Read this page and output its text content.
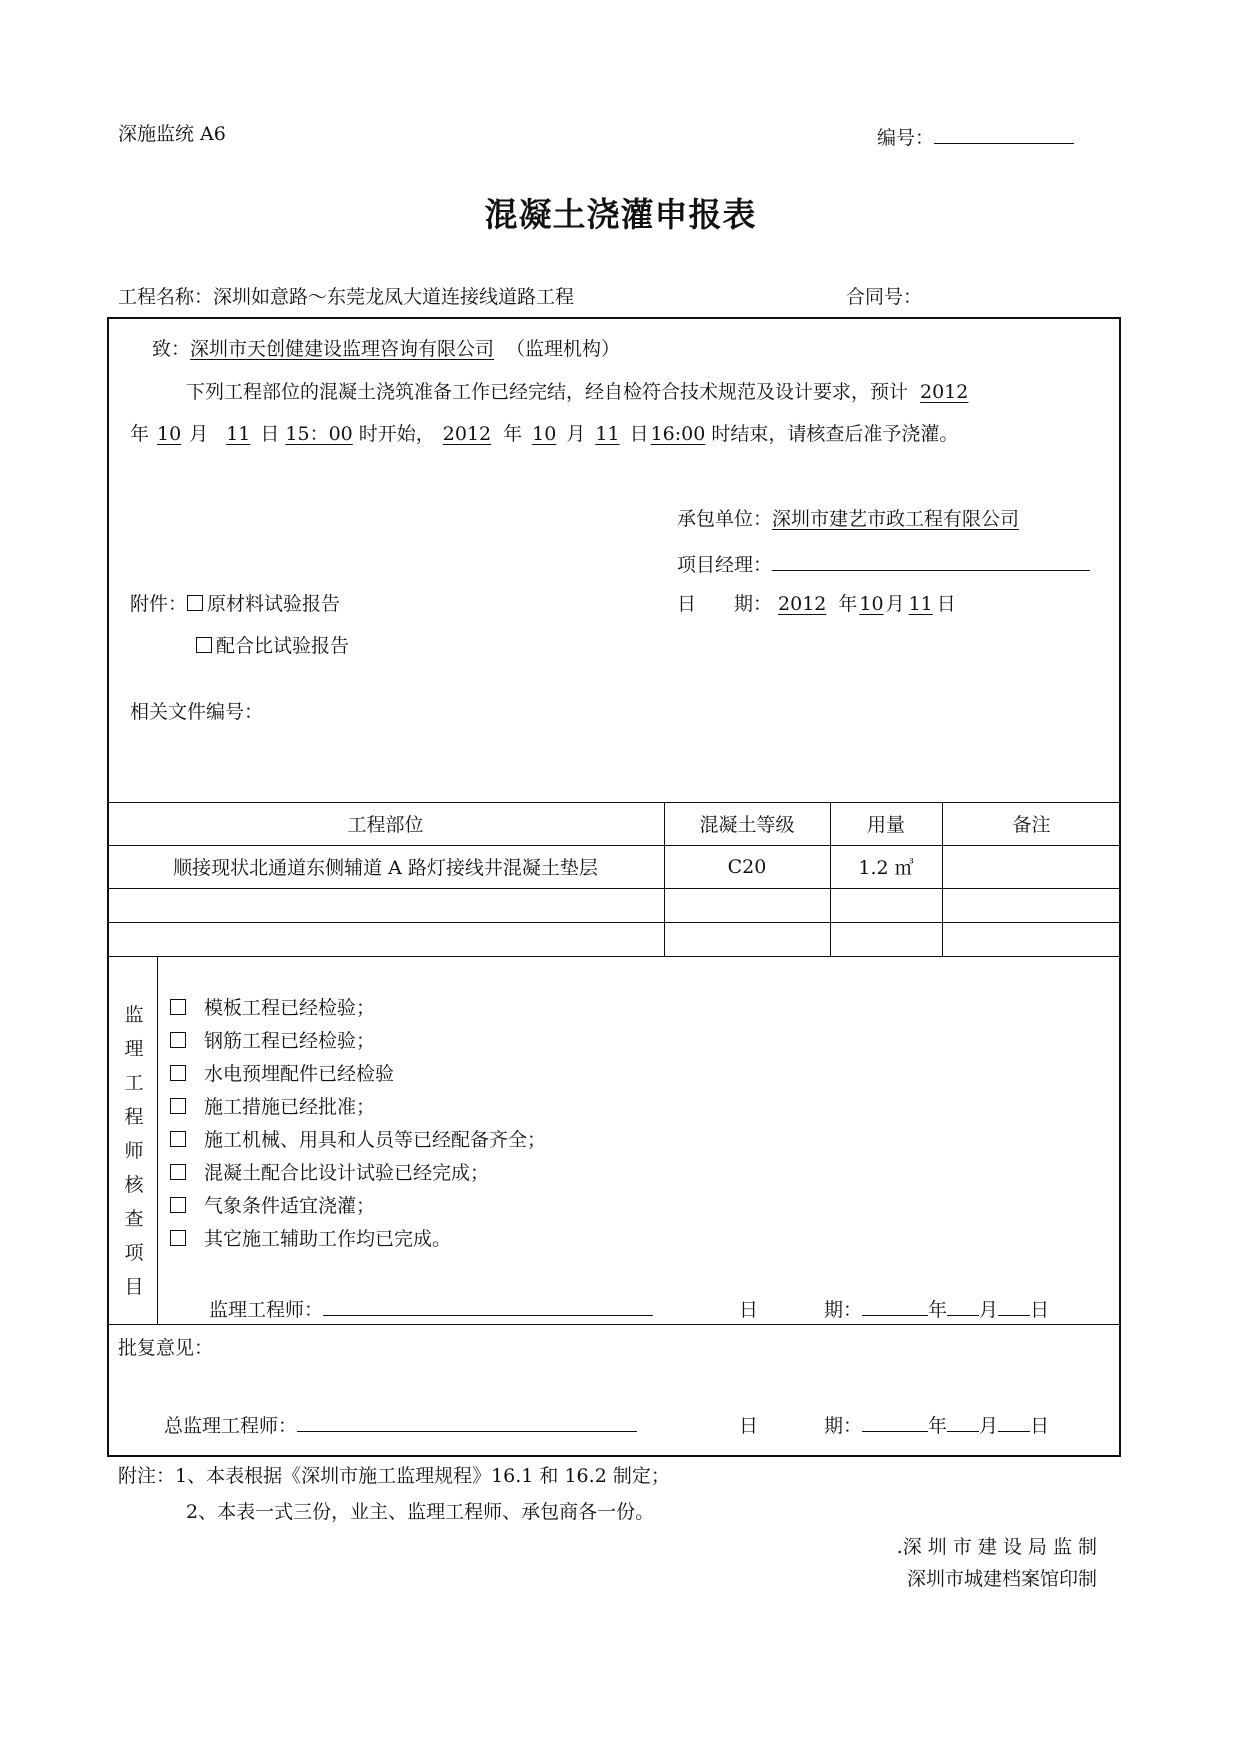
深施监统 A6	编号：
混凝土浇灌申报表
工程名称：深圳如意路～东莞龙凤大道连接线道路工程	合同号：
致：深圳市天创健建设监理咨询有限公司 （监理机构）
下列工程部位的混凝土浇筑准备工作已经完结，经自检符合技术规范及设计要求，预计 2012
年 10 月 11 日 15：00 时开始， 2012 年 10 月 11 日 16:00 时结束，请核查后准予浇灌。
承包单位：深圳市建艺市政工程有限公司
项目经理：
日　　期： 2012 年 10 月 11 日
附件： 原材料试验报告
配合比试验报告
相关文件编号：
工程部位	混凝土等级	用量	备注
顺接现状北通道东侧辅道 A 路灯接线井混凝土垫层	C20	1.2 ㎥
监
理
工
程
师
核
查
项
目
模板工程已经检验；
钢筋工程已经检验；
水电预埋配件已经检验
施工措施已经批准；
施工机械、用具和人员等已经配备齐全；
混凝土配合比设计试验已经完成；
气象条件适宜浇灌；
其它施工辅助工作均已完成。
监理工程师：	日	期：	年 月 日
批复意见：
总监理工程师：	日	期：	年 月 日
附注：1、本表根据《深圳市施工监理规程》16.1 和 16.2 制定；
2、本表一式三份，业主、监理工程师、承包商各一份。
.深 圳 市 建 设 局 监 制
深圳市城建档案馆印制
